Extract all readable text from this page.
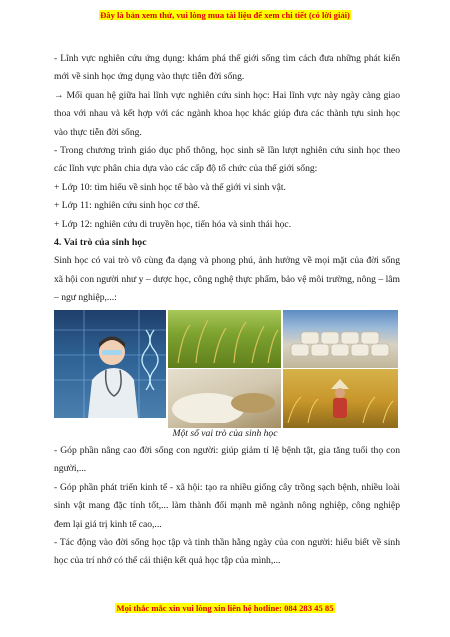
Đây là bản xem thử, vui lòng mua tài liệu để xem chi tiết (có lời giải)

- Lĩnh vực nghiên cứu ứng dụng: khám phá thế giới sống tìm cách đưa những phát kiến mới về sinh học ứng dụng vào thực tiễn đời sống.

→ Mối quan hệ giữa hai lĩnh vực nghiên cứu sinh học: Hai lĩnh vực này ngày càng giao thoa với nhau và kết hợp với các ngành khoa học khác giúp đưa các thành tựu sinh học vào thực tiễn đời sống.

- Trong chương trình giáo dục phổ thông, học sinh sẽ lần lượt nghiên cứu sinh học theo các lĩnh vực phân chia dựa vào các cấp độ tổ chức của thế giới sống:

+ Lớp 10: tìm hiểu về sinh học tế bào và thế giới vi sinh vật.

+ Lớp 11: nghiên cứu sinh học cơ thể.

+ Lớp 12: nghiên cứu di truyền học, tiến hóa và sinh thái học.

4. Vai trò của sinh học

Sinh học có vai trò vô cùng đa dạng và phong phú, ảnh hưởng về mọi mặt của đời sống xã hội con người như y – dược học, công nghệ thực phẩm, bảo vệ môi trường, nông – lâm – ngư nghiệp,...:

Một số vai trò của sinh học

- Góp phần nâng cao đời sống con người: giúp giảm tỉ lệ bệnh tật, gia tăng tuổi thọ con người,...

- Góp phần phát triển kinh tế - xã hội: tạo ra nhiều giống cây trồng sạch bệnh, nhiều loài sinh vật mang đặc tính tốt,... làm thành đối mạnh mẽ ngành nông nghiệp, công nghiệp đem lại giá trị kinh tế cao,...

- Tác động vào đời sống học tập và tinh thần hằng ngày của con người: hiểu biết về sinh học của trí nhớ có thể cải thiện kết quả học tập của mình,...

Mọi thắc mắc xin vui lòng xin liên hệ hotline: 084 283 45 85
